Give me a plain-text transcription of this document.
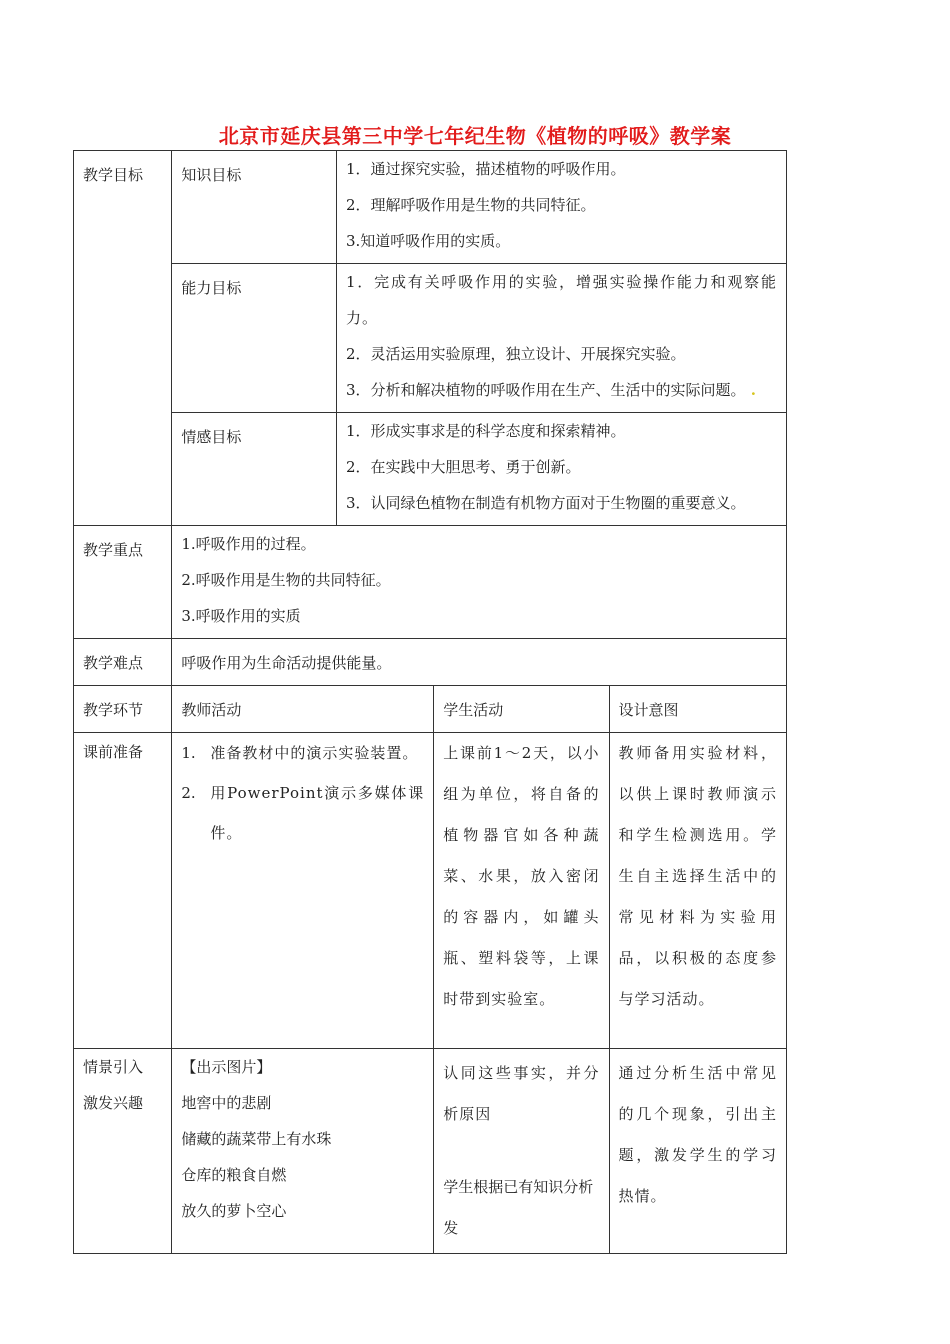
北京市延庆县第三中学七年纪生物《植物的呼吸》教学案
教学目标	知识目标	1．通过探究实验，描述植物的呼吸作用。
2．理解呼吸作用是生物的共同特征。
3.知道呼吸作用的实质。		

	能力目标	1．完成有关呼吸作用的实验，增强实验操作能力和观察能力。
2．灵活运用实验原理，独立设计、开展探究实验。
3．分析和解决植物的呼吸作用在生产、生活中的实际问题。 .		

	情感目标	1．形成实事求是的科学态度和探索精神。
2．在实践中大胆思考、勇于创新。
3．认同绿色植物在制造有机物方面对于生物圈的重要意义。		

教学重点	1.呼吸作用的过程。
2.呼吸作用是生物的共同特征。
3.呼吸作用的实质			

教学难点	呼吸作用为生命活动提供能量。			
教学环节	教师活动		学生活动	设计意图
课前准备	1. 准备教材中的演示实验装置。
2. 用PowerPoint演示多媒体课件。		上课前1～2天，以小组为单位，将自备的植物器官如各种蔬菜、水果，放入密闭的容器内，如罐头瓶、塑料袋等，上课时带到实验室。	教师备用实验材料，以供上课时教师演示和学生检测选用。学生自主选择生活中的常见材料为实验用品，以积极的态度参与学习活动。

情景引入
激发兴趣	【出示图片】
地窖中的悲剧
储藏的蔬菜带上有水珠
仓库的粮食自燃
放久的萝卜空心		认同这些事实，并分析原因
学生根据已有知识分析发	通过分析生活中常见的几个现象，引出主题，激发学生的学习热情。
